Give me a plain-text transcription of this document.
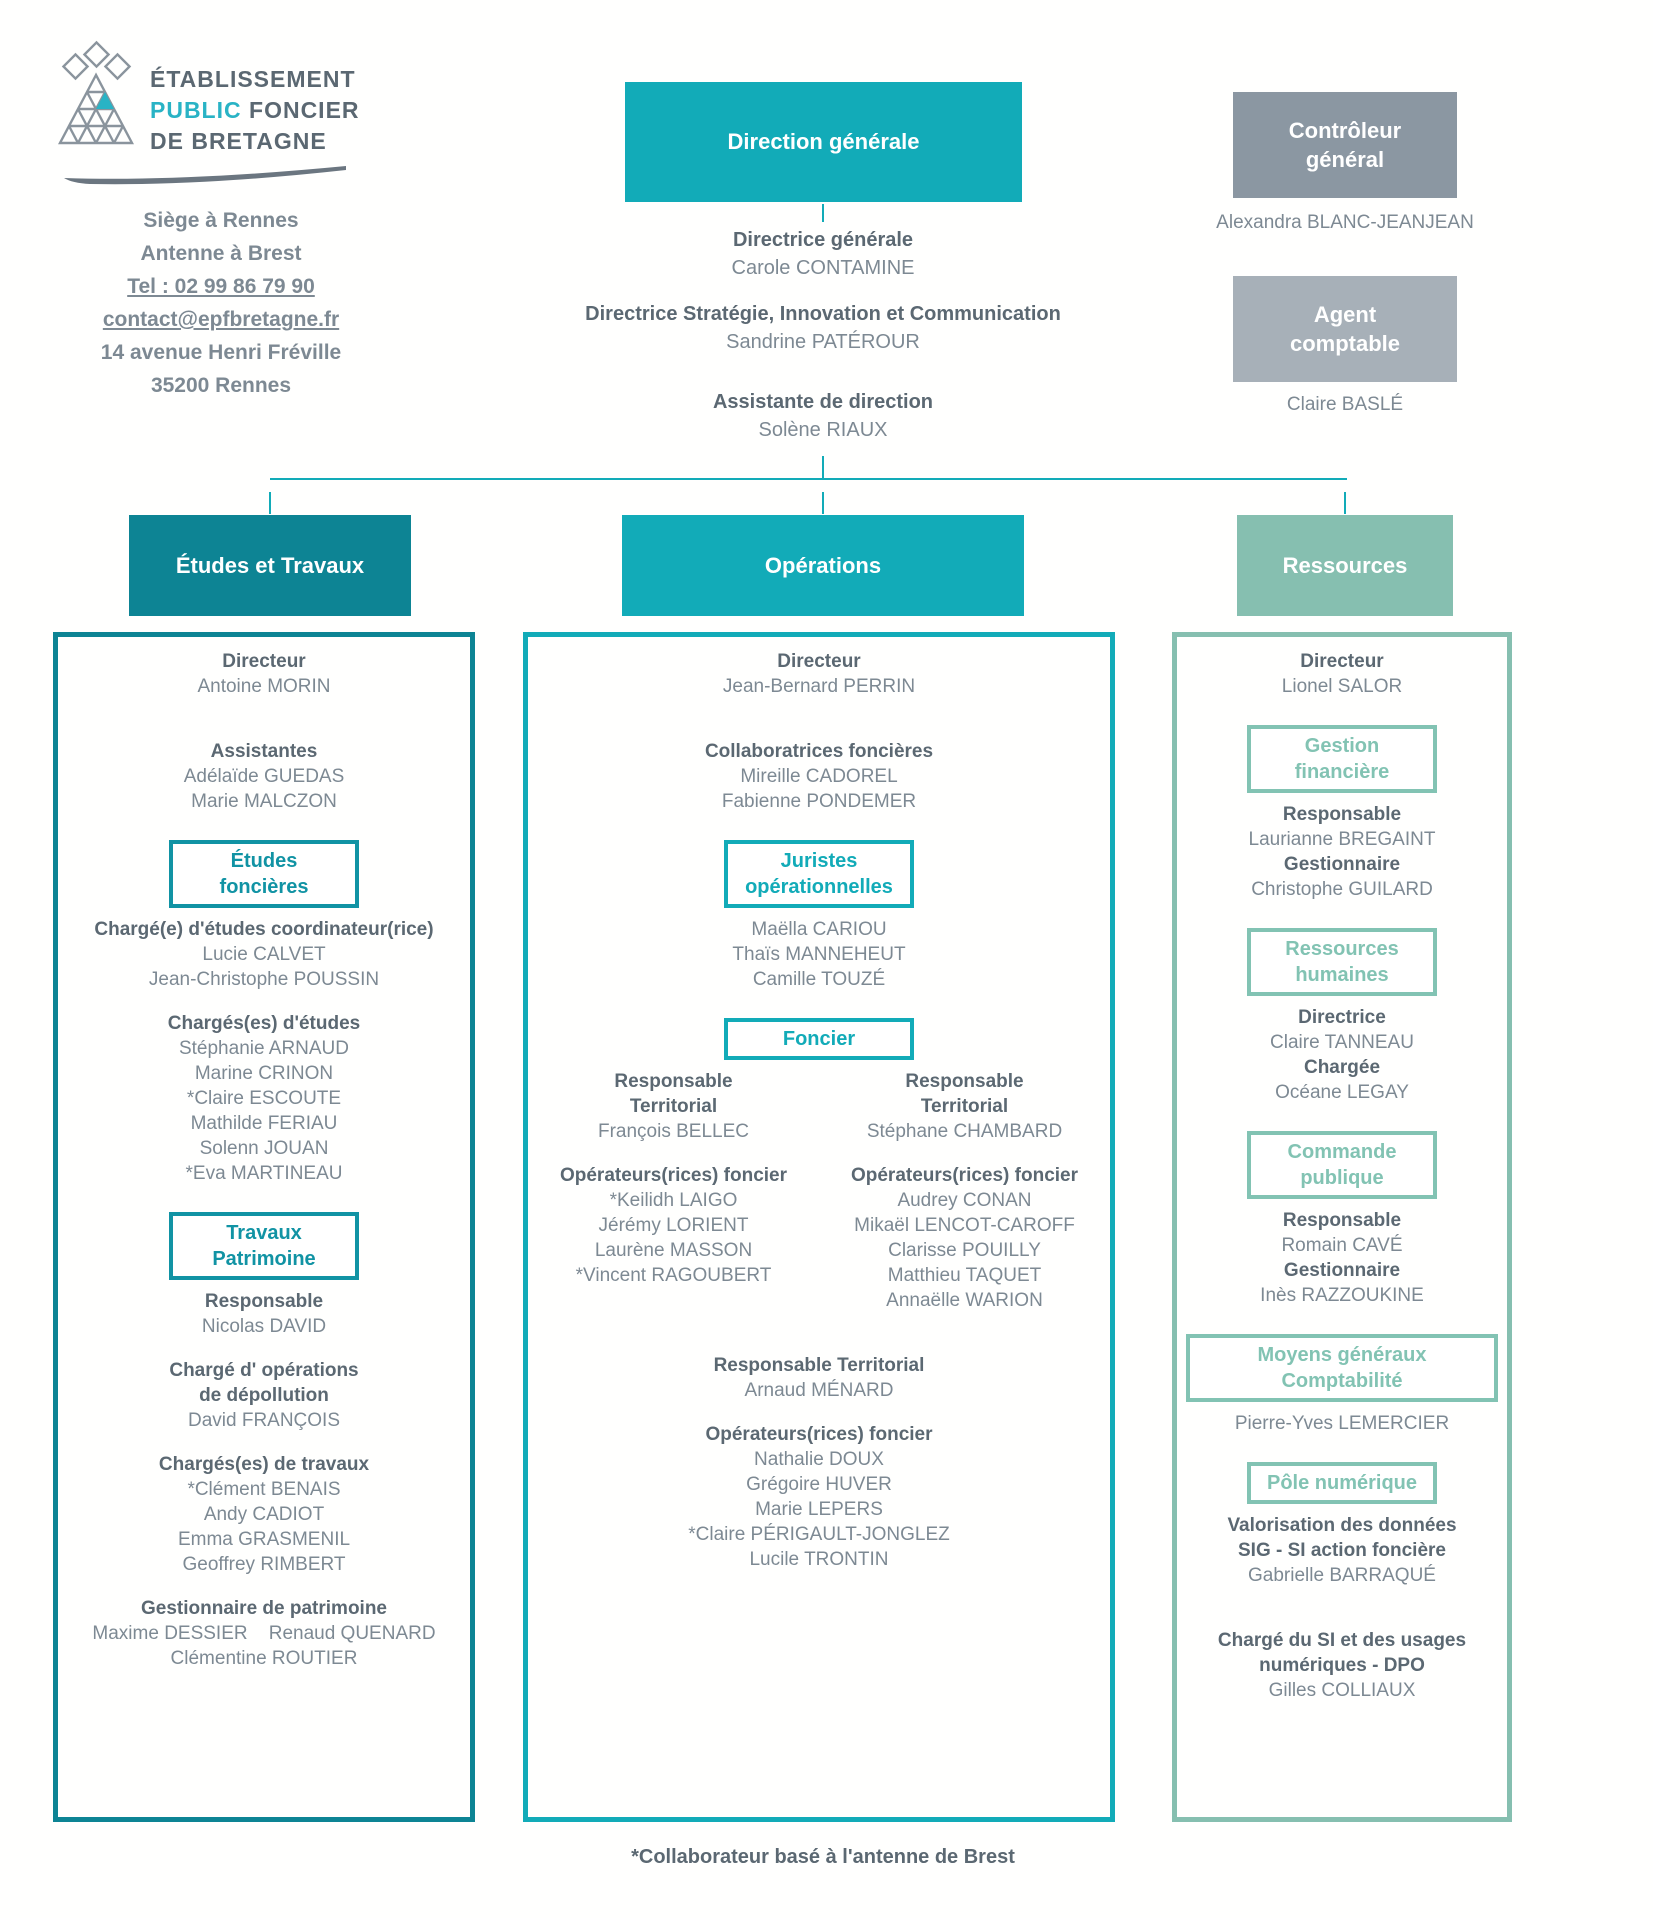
ÉTABLISSEMENT
PUBLIC FONCIER
DE BRETAGNE
Siège à Rennes
Antenne à Brest
Tel : 02 99 86 79 90
contact@epfbretagne.fr
14 avenue Henri Fréville
35200 Rennes
Direction générale
Directrice générale
Carole CONTAMINE
Directrice Stratégie, Innovation et Communication
Sandrine PATÉROUR
Assistante de direction
Solène RIAUX
Contrôleur
général
Alexandra BLANC-JEANJEAN
Agent
comptable
Claire BASLÉ
Études et Travaux	Opérations	Ressources
Directeur
Antoine MORIN
Assistantes
Adélaïde GUEDAS
Marie MALCZON
Études
foncières
Chargé(e) d'études coordinateur(rice)
Lucie CALVET
Jean-Christophe POUSSIN
Chargés(es) d'études
Stéphanie ARNAUD
Marine CRINON
*Claire ESCOUTE
Mathilde FERIAU
Solenn JOUAN
*Eva MARTINEAU
Travaux
Patrimoine
Responsable
Nicolas DAVID
Chargé d' opérations
de dépollution
David FRANÇOIS
Chargés(es) de travaux
*Clément BENAIS
Andy CADIOT
Emma GRASMENIL
Geoffrey RIMBERT
Gestionnaire de patrimoine
Maxime DESSIER    Renaud QUENARD
Clémentine ROUTIER
Directeur
Jean-Bernard PERRIN
Collaboratrices foncières
Mireille CADOREL
Fabienne PONDEMER
Juristes
opérationnelles
Maëlla CARIOU
Thaïs MANNEHEUT
Camille TOUZÉ
Foncier
Responsable
Territorial
François BELLEC
Opérateurs(rices) foncier
*Keilidh LAIGO
Jérémy LORIENT
Laurène MASSON
*Vincent RAGOUBERT
Responsable
Territorial
Stéphane CHAMBARD
Opérateurs(rices) foncier
Audrey CONAN
Mikaël LENCOT-CAROFF
Clarisse POUILLY
Matthieu TAQUET
Annaëlle WARION
Responsable Territorial
Arnaud MÉNARD
Opérateurs(rices) foncier
Nathalie DOUX
Grégoire HUVER
Marie LEPERS
*Claire PÉRIGAULT-JONGLEZ
Lucile TRONTIN
Directeur
Lionel SALOR
Gestion
financière
Responsable
Laurianne BREGAINT
Gestionnaire
Christophe GUILARD
Ressources
humaines
Directrice
Claire TANNEAU
Chargée
Océane LEGAY
Commande
publique
Responsable
Romain CAVÉ
Gestionnaire
Inès RAZZOUKINE
Moyens généraux
Comptabilité
Pierre-Yves LEMERCIER
Pôle numérique
Valorisation des données
SIG - SI action foncière
Gabrielle BARRAQUÉ
Chargé du SI et des usages
numériques - DPO
Gilles COLLIAUX
*Collaborateur basé à l'antenne de Brest
